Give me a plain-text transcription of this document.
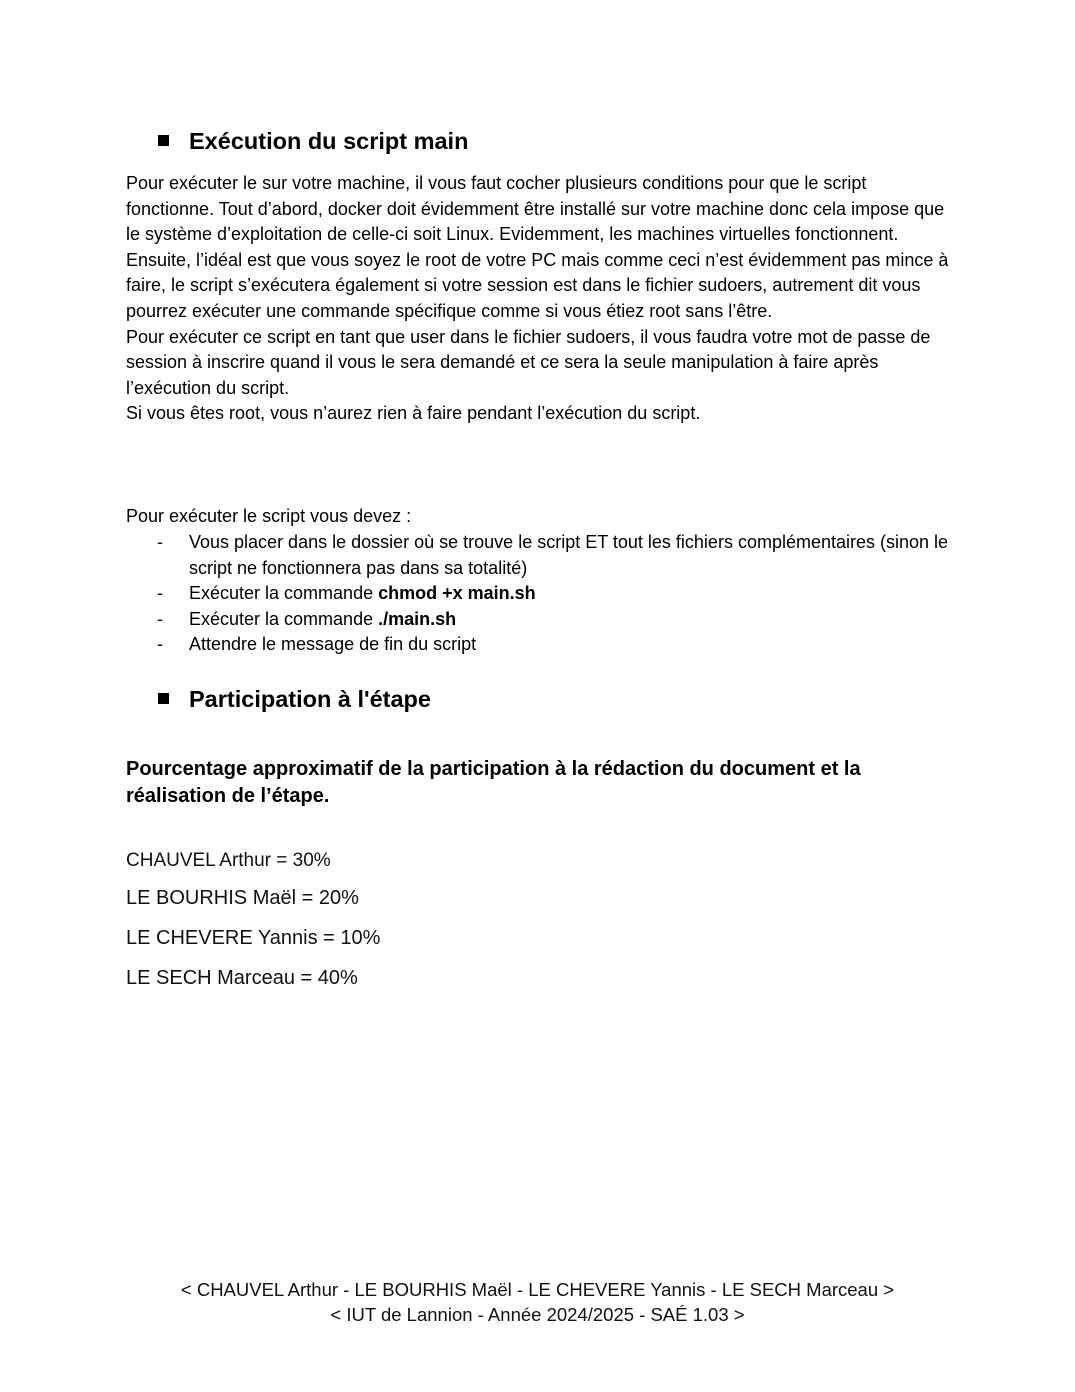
Exécution du script main
Pour exécuter le sur votre machine, il vous faut cocher plusieurs conditions pour que le script fonctionne. Tout d’abord, docker doit évidemment être installé sur votre machine donc cela impose que le système d’exploitation de celle-ci soit Linux. Evidemment, les machines virtuelles fonctionnent.
Ensuite, l’idéal est que vous soyez le root de votre PC mais comme ceci n’est évidemment pas mince à faire, le script s’exécutera également si votre session est dans le fichier sudoers, autrement dit vous pourrez exécuter une commande spécifique comme si vous étiez root sans l’être.
Pour exécuter ce script en tant que user dans le fichier sudoers, il vous faudra votre mot de passe de session à inscrire quand il vous le sera demandé et ce sera la seule manipulation à faire après l’exécution du script.
Si vous êtes root, vous n’aurez rien à faire pendant l’exécution du script.
Pour exécuter le script vous devez :
- Vous placer dans le dossier où se trouve le script ET tout les fichiers complémentaires (sinon le script ne fonctionnera pas dans sa totalité)
- Exécuter la commande chmod +x main.sh
- Exécuter la commande ./main.sh
- Attendre le message de fin du script
Participation à l'étape
Pourcentage approximatif de la participation à la rédaction du document et la réalisation de l’étape.
CHAUVEL Arthur = 30%
LE BOURHIS Maël = 20%
LE CHEVERE Yannis = 10%
LE SECH Marceau = 40%
< CHAUVEL Arthur - LE BOURHIS Maël - LE CHEVERE Yannis - LE SECH Marceau >
< IUT de Lannion - Année 2024/2025 - SAÉ 1.03 >
